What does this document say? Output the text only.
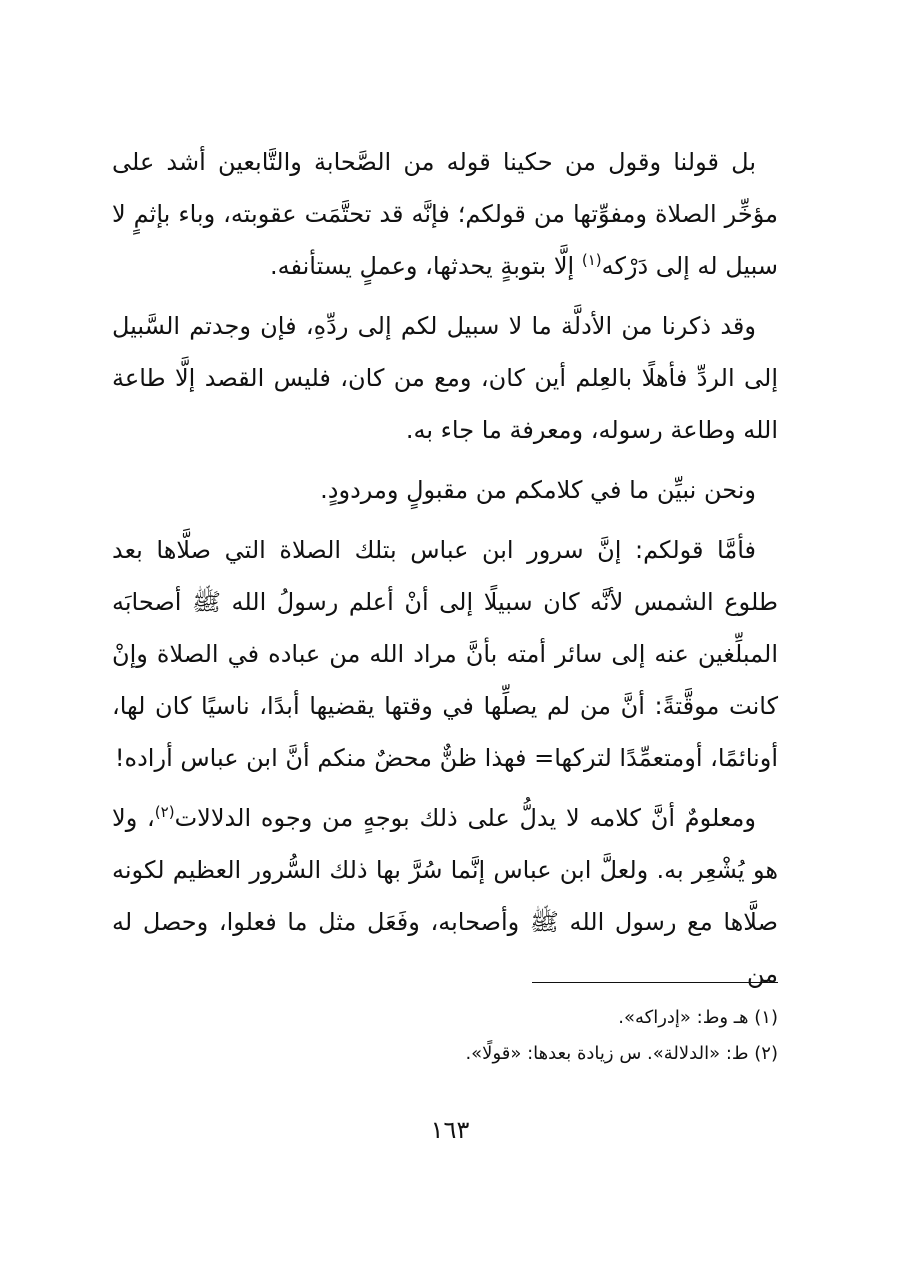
بل قولنا وقول من حكينا قوله من الصَّحابة والتَّابعين أشد على مؤخِّر الصلاة ومفوِّتها من قولكم؛ فإنَّه قد تحتَّمَت عقوبته، وباء بإثمٍ لا سبيل له إلى دَرْكه$^{(١)}$ إلَّا بتوبةٍ يحدثها، وعملٍ يستأنفه.

وقد ذكرنا من الأدلَّة ما لا سبيل لكم إلى ردِّهِ، فإن وجدتم السَّبيل إلى الردِّ فأهلًا بالعِلم أين كان، ومع من كان، فليس القصد إلَّا طاعة الله وطاعة رسوله، ومعرفة ما جاء به.

ونحن نبيِّن ما في كلامكم من مقبولٍ ومردودٍ.

فأمَّا قولكم: إنَّ سرور ابن عباس بتلك الصلاة التي صلَّاها بعد طلوع الشمس لأنَّه كان سبيلًا إلى أنْ أعلم رسولُ الله ﷺ أصحابَه المبلِّغين عنه إلى سائر أمته بأنَّ مراد الله من عباده في الصلاة وإنْ كانت موقَّتةً: أنَّ من لم يصلِّها في وقتها يقضيها أبدًا، ناسيًا كان لها، أونائمًا، أومتعمِّدًا لتركها= فهذا ظنٌّ محضٌ منكم أنَّ ابن عباس أراده!

ومعلومٌ أنَّ كلامه لا يدلُّ على ذلك بوجهٍ من وجوه الدلالات$^{(٢)}$، ولا هو يُشْعِر به. ولعلَّ ابن عباس إنَّما سُرَّ بها ذلك السُّرور العظيم لكونه صلَّاها مع رسول الله ﷺ وأصحابه، وفَعَل مثل ما فعلوا، وحصل له من

(١) هـ وط: «إدراكه».
(٢) ط: «الدلالة». س زيادة بعدها: «قولًا».
١٦٣
